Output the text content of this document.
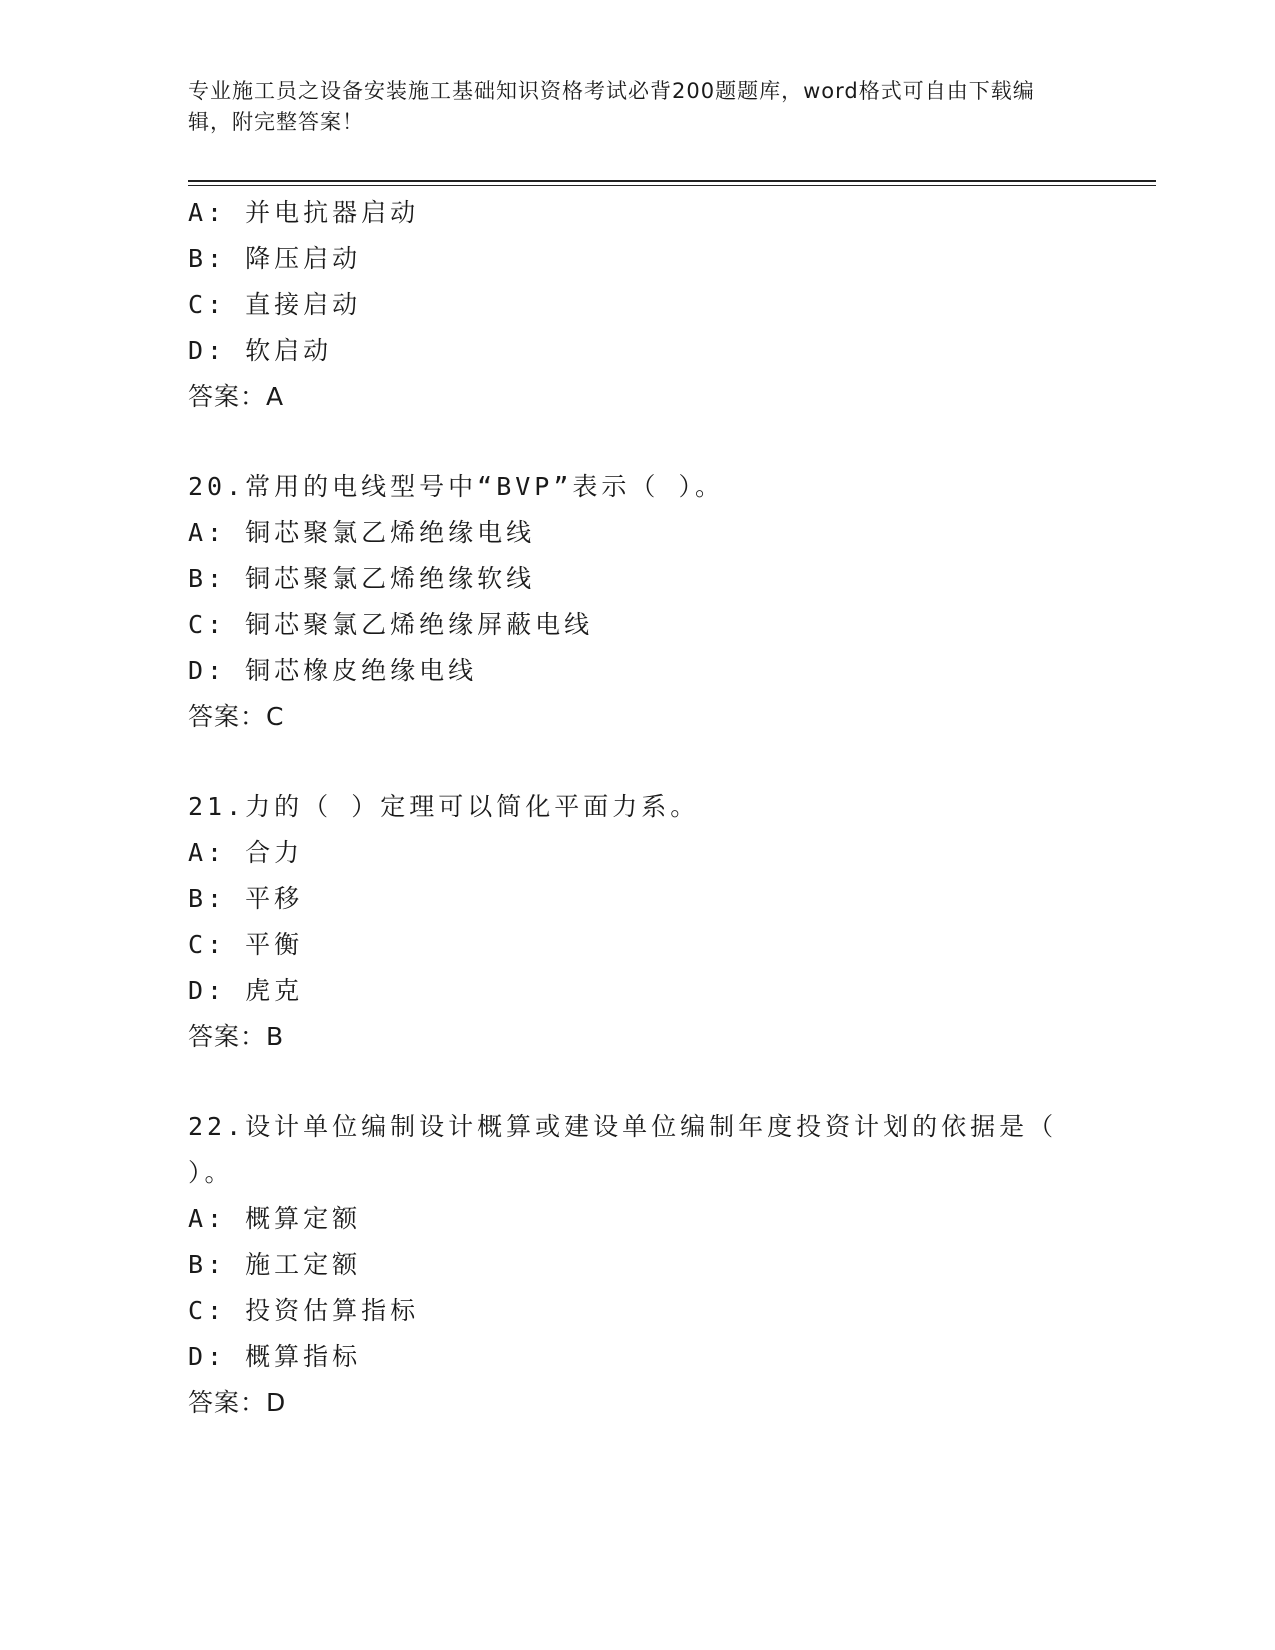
专业施工员之设备安装施工基础知识资格考试必背200题题库，word格式可自由下载编辑，附完整答案！
A: 并电抗器启动
B: 降压启动
C: 直接启动
D: 软启动
答案：A
20.常用的电线型号中“BVP”表示（ ）。
A: 铜芯聚氯乙烯绝缘电线
B: 铜芯聚氯乙烯绝缘软线
C: 铜芯聚氯乙烯绝缘屏蔽电线
D: 铜芯橡皮绝缘电线
答案：C
21.力的（ ）定理可以简化平面力系。
A: 合力
B: 平移
C: 平衡
D: 虎克
答案：B
22.设计单位编制设计概算或建设单位编制年度投资计划的依据是（ ）。
A: 概算定额
B: 施工定额
C: 投资估算指标
D: 概算指标
答案：D
